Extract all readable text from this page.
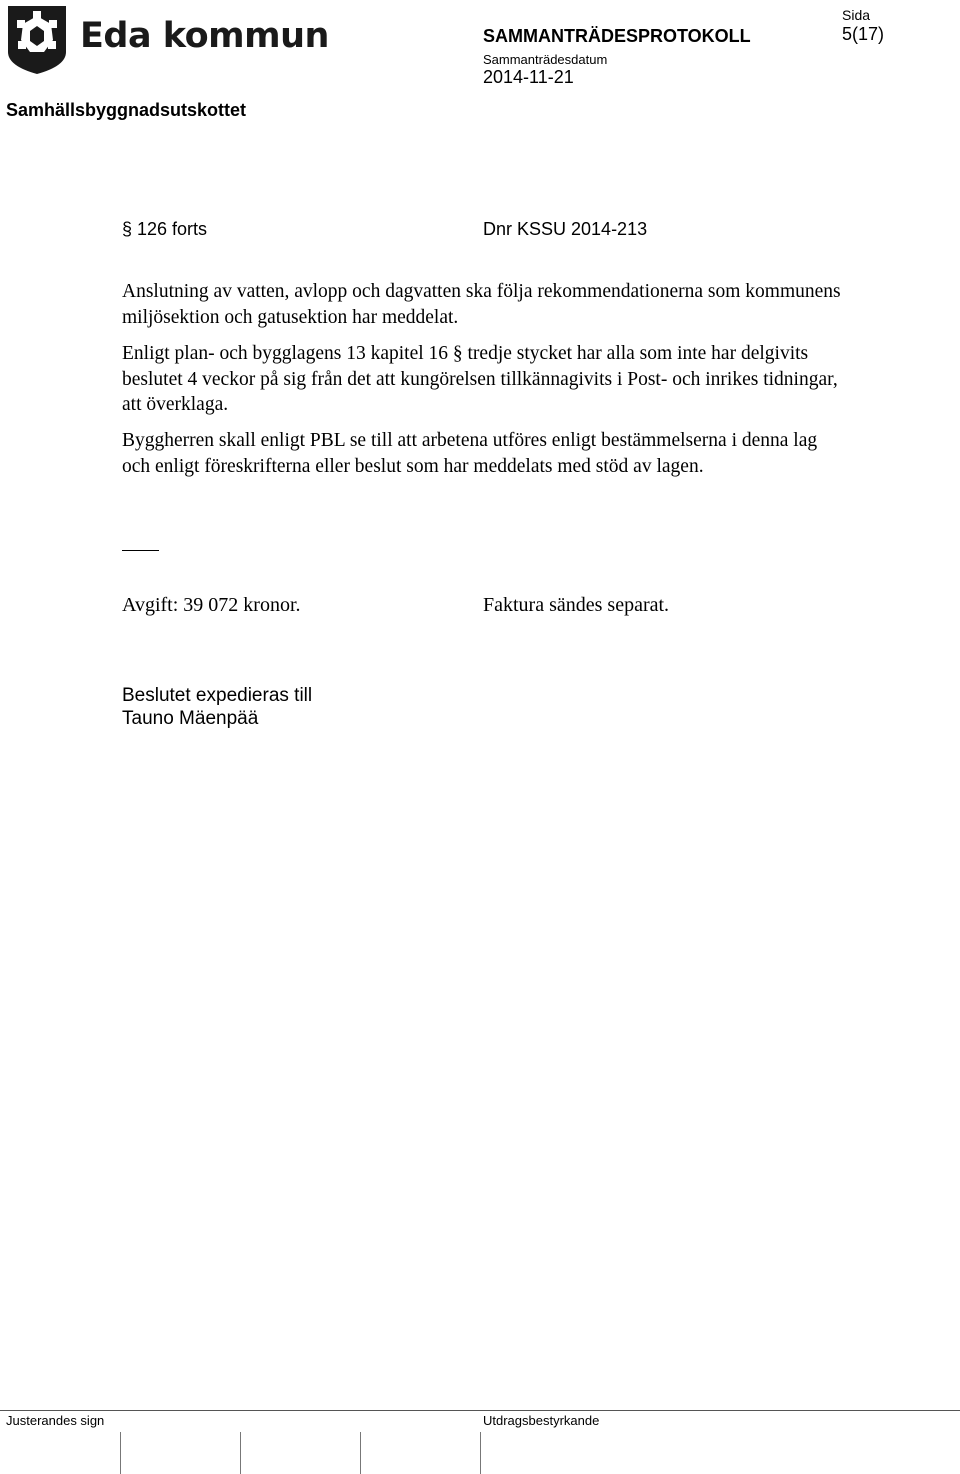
Eda kommun	SAMMANTRÄDESPROTOKOLL
Sammanträdesdatum
2014-11-21
Sida
5(17)
Samhällsbyggnadsutskottet
§ 126 forts	Dnr KSSU 2014-213
Anslutning av vatten, avlopp och dagvatten ska följa rekommendationerna som kommunens miljösektion och gatusektion har meddelat.
Enligt plan- och bygglagens 13 kapitel 16 § tredje stycket har alla som inte har delgivits beslutet 4 veckor på sig från det att kungörelsen tillkännagivits i Post- och inrikes tidningar, att överklaga.
Byggherren skall enligt PBL se till att arbetena utföres enligt bestämmelserna i denna lag och enligt föreskrifterna eller beslut som har meddelats med stöd av lagen.
Avgift: 39 072 kronor.	Faktura sändes separat.
Beslutet expedieras till
Tauno Mäenpää
Justerandes sign	Utdragsbestyrkande
